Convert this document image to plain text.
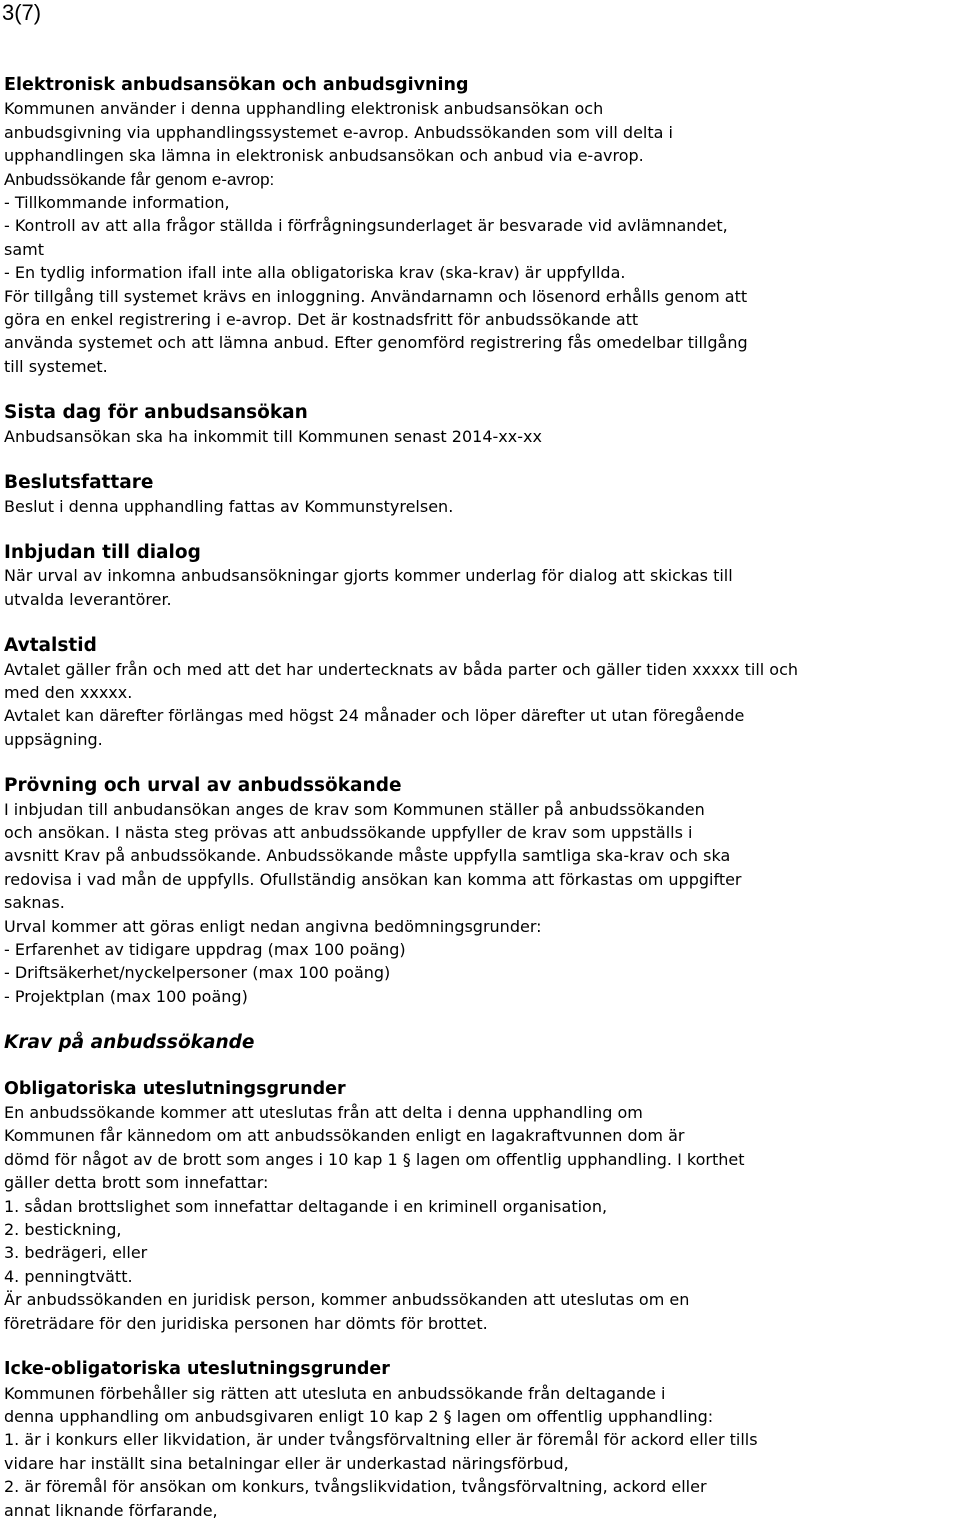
3(7)
Elektronisk anbudsansökan och anbudsgivning
Kommunen använder i denna upphandling elektronisk anbudsansökan och
anbudsgivning via upphandlingssystemet e-avrop. Anbudssökanden som vill delta i
upphandlingen ska lämna in elektronisk anbudsansökan och anbud via e-avrop.
Anbudssökande får genom e-avrop:
- Tillkommande information,
- Kontroll av att alla frågor ställda i förfrågningsunderlaget är besvarade vid avlämnandet,
samt
- En tydlig information ifall inte alla obligatoriska krav (ska-krav) är uppfyllda.
För tillgång till systemet krävs en inloggning. Användarnamn och lösenord erhålls genom att
göra en enkel registrering i e-avrop. Det är kostnadsfritt för anbudssökande att
använda systemet och att lämna anbud. Efter genomförd registrering fås omedelbar tillgång
till systemet.
Sista dag för anbudsansökan
Anbudsansökan ska ha inkommit till Kommunen senast 2014-xx-xx
Beslutsfattare
Beslut i denna upphandling fattas av Kommunstyrelsen.
Inbjudan till dialog
När urval av inkomna anbudsansökningar gjorts kommer underlag för dialog att skickas till
utvalda leverantörer.
Avtalstid
Avtalet gäller från och med att det har undertecknats av båda parter och gäller tiden xxxxx till och
med den xxxxx.
Avtalet kan därefter förlängas med högst 24 månader och löper därefter ut utan föregående
uppsägning.
Prövning och urval av anbudssökande
I inbjudan till anbudansökan anges de krav som Kommunen ställer på anbudssökanden
och ansökan. I nästa steg prövas att anbudssökande uppfyller de krav som uppställs i
avsnitt Krav på anbudssökande. Anbudssökande måste uppfylla samtliga ska-krav och ska
redovisa i vad mån de uppfylls. Ofullständig ansökan kan komma att förkastas om uppgifter
saknas.
Urval kommer att göras enligt nedan angivna bedömningsgrunder:
- Erfarenhet av tidigare uppdrag (max 100 poäng)
- Driftsäkerhet/nyckelpersoner (max 100 poäng)
- Projektplan (max 100 poäng)
Krav på anbudssökande
Obligatoriska uteslutningsgrunder
En anbudssökande kommer att uteslutas från att delta i denna upphandling om
Kommunen får kännedom om att anbudssökanden enligt en lagakraftvunnen dom är
dömd för något av de brott som anges i 10 kap 1 § lagen om offentlig upphandling. I korthet
gäller detta brott som innefattar:
1. sådan brottslighet som innefattar deltagande i en kriminell organisation,
2. bestickning,
3. bedrägeri, eller
4. penningtvätt.
Är anbudssökanden en juridisk person, kommer anbudssökanden att uteslutas om en
företrädare för den juridiska personen har dömts för brottet.
Icke-obligatoriska uteslutningsgrunder
Kommunen förbehåller sig rätten att utesluta en anbudssökande från deltagande i
denna upphandling om anbudsgivaren enligt 10 kap 2 § lagen om offentlig upphandling:
1. är i konkurs eller likvidation, är under tvångsförvaltning eller är föremål för ackord eller tills
vidare har inställt sina betalningar eller är underkastad näringsförbud,
2. är föremål för ansökan om konkurs, tvångslikvidation, tvångsförvaltning, ackord eller
annat liknande förfarande,
